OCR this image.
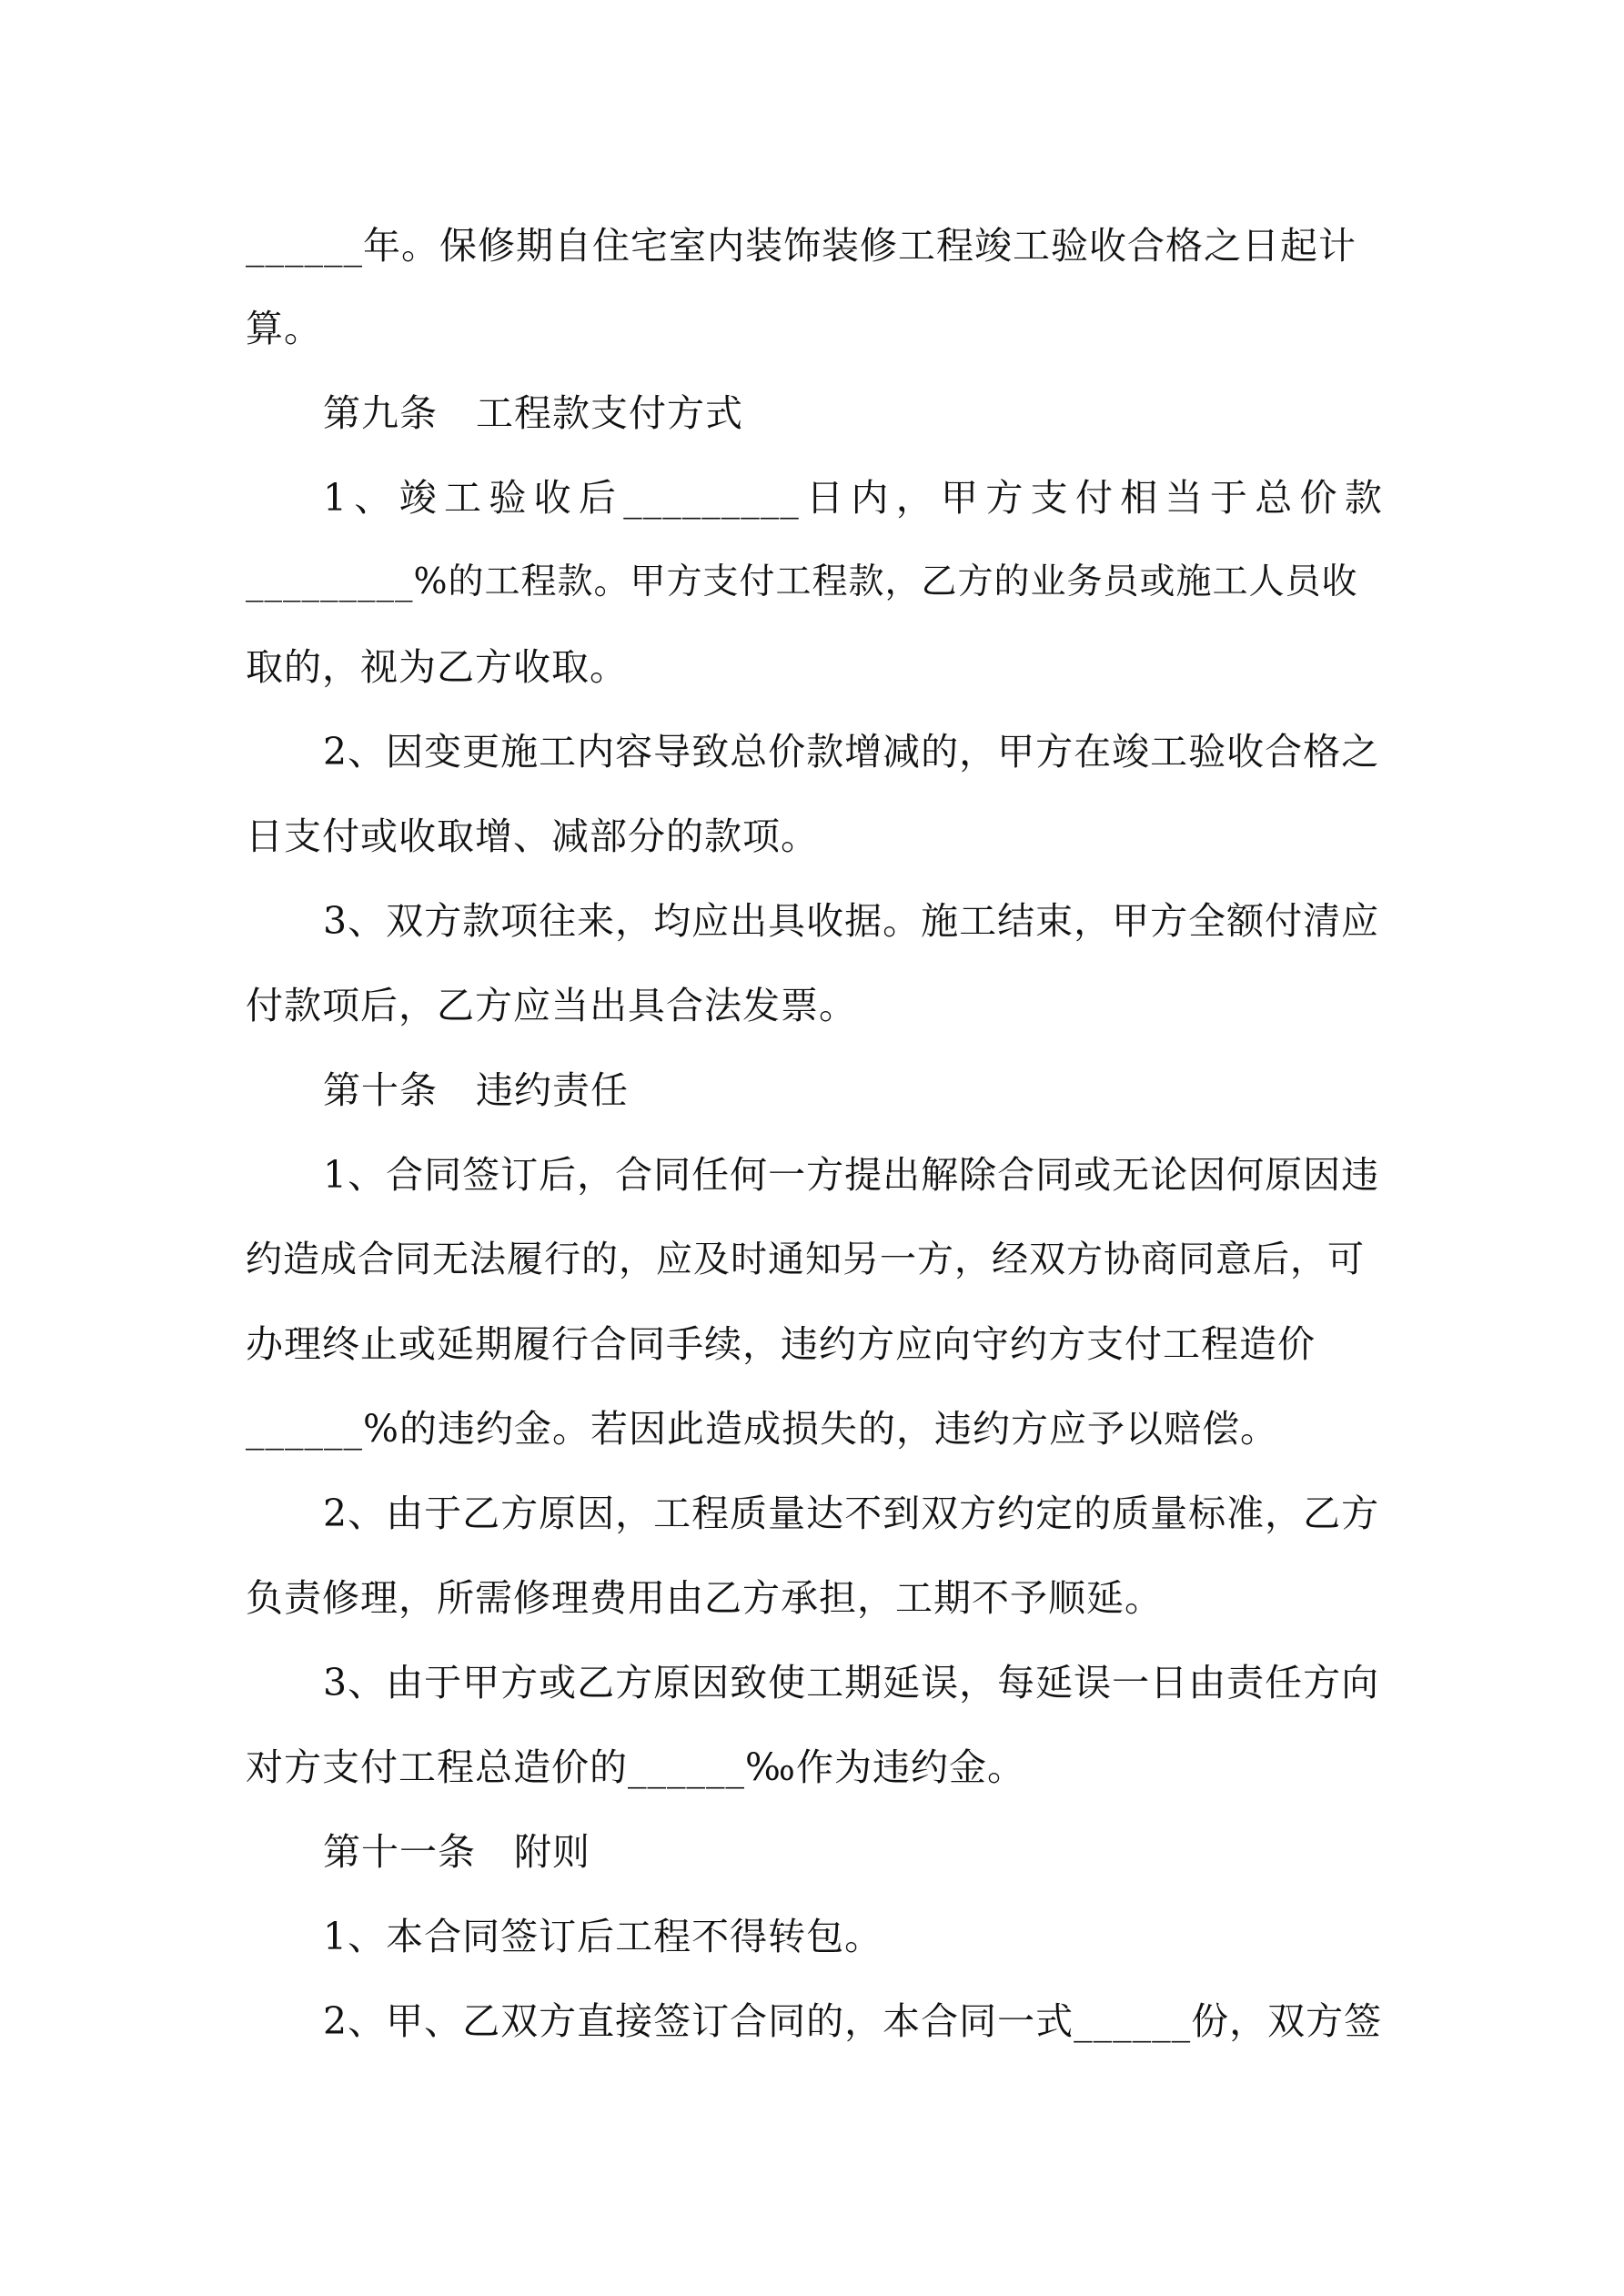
______年。保修期自住宅室内装饰装修工程竣工验收合格之日起计
算。
第九条　工程款支付方式
1 、 竣 工 验 收 后 _________ 日 内 ， 甲 方 支 付 相 当 于 总 价 款
_________%的工程款。甲方支付工程款，乙方的业务员或施工人员收
取的，视为乙方收取。
2、因变更施工内容导致总价款增减的，甲方在竣工验收合格之
日支付或收取增、减部分的款项。
3、双方款项往来，均应出具收据。施工结束，甲方全额付清应
付款项后，乙方应当出具合法发票。
第十条　违约责任
1、合同签订后，合同任何一方提出解除合同或无论因何原因违
约造成合同无法履行的，应及时通知另一方，经双方协商同意后，可
办理终止或延期履行合同手续，违约方应向守约方支付工程造价
______%的违约金。若因此造成损失的，违约方应予以赔偿。
2、由于乙方原因，工程质量达不到双方约定的质量标准，乙方
负责修理，所需修理费用由乙方承担，工期不予顺延。
3、由于甲方或乙方原因致使工期延误，每延误一日由责任方向
对方支付工程总造价的______‰作为违约金。
第十一条　附则
1、本合同签订后工程不得转包。
2、甲、乙双方直接签订合同的，本合同一式______份，双方签
